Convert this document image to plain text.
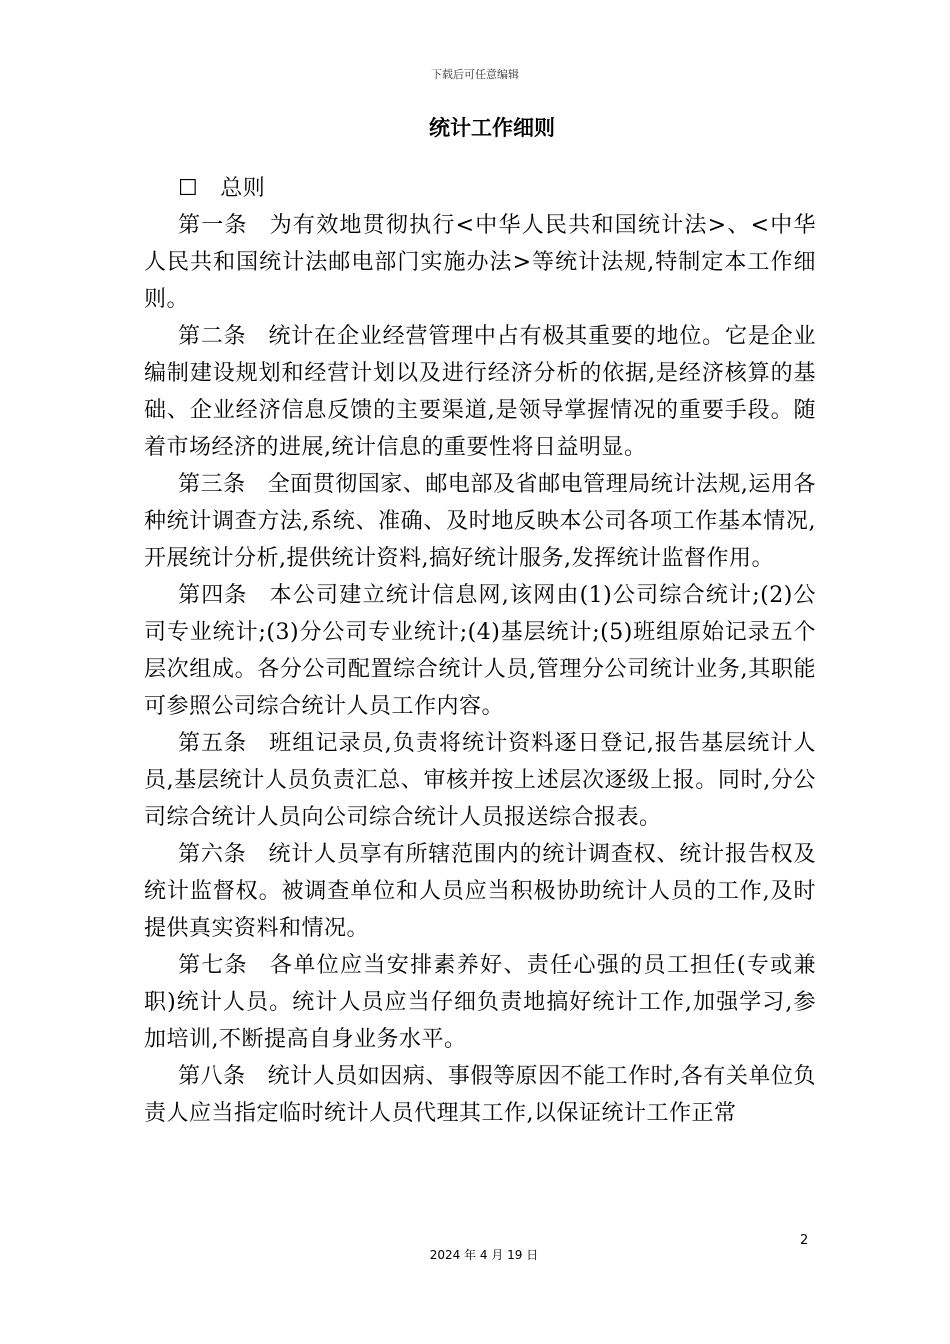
下载后可任意编辑
统计工作细则

☐ 总则

第一条 为有效地贯彻执行<中华人民共和国统计法>、<中华人民共和国统计法邮电部门实施办法>等统计法规,特制定本工作细则。

第二条 统计在企业经营管理中占有极其重要的地位。它是企业编制建设规划和经营计划以及进行经济分析的依据,是经济核算的基础、企业经济信息反馈的主要渠道,是领导掌握情况的重要手段。随着市场经济的进展,统计信息的重要性将日益明显。

第三条 全面贯彻国家、邮电部及省邮电管理局统计法规,运用各种统计调查方法,系统、准确、及时地反映本公司各项工作基本情况,开展统计分析,提供统计资料,搞好统计服务,发挥统计监督作用。

第四条 本公司建立统计信息网,该网由(1)公司综合统计;(2)公司专业统计;(3)分公司专业统计;(4)基层统计;(5)班组原始记录五个层次组成。各分公司配置综合统计人员,管理分公司统计业务,其职能可参照公司综合统计人员工作内容。

第五条 班组记录员,负责将统计资料逐日登记,报告基层统计人员,基层统计人员负责汇总、审核并按上述层次逐级上报。同时,分公司综合统计人员向公司综合统计人员报送综合报表。

第六条 统计人员享有所辖范围内的统计调查权、统计报告权及统计监督权。被调查单位和人员应当积极协助统计人员的工作,及时提供真实资料和情况。

第七条 各单位应当安排素养好、责任心强的员工担任(专或兼职)统计人员。统计人员应当仔细负责地搞好统计工作,加强学习,参加培训,不断提高自身业务水平。

第八条 统计人员如因病、事假等原因不能工作时,各有关单位负责人应当指定临时统计人员代理其工作,以保证统计工作正常

2
2024 年 4 月 19 日
